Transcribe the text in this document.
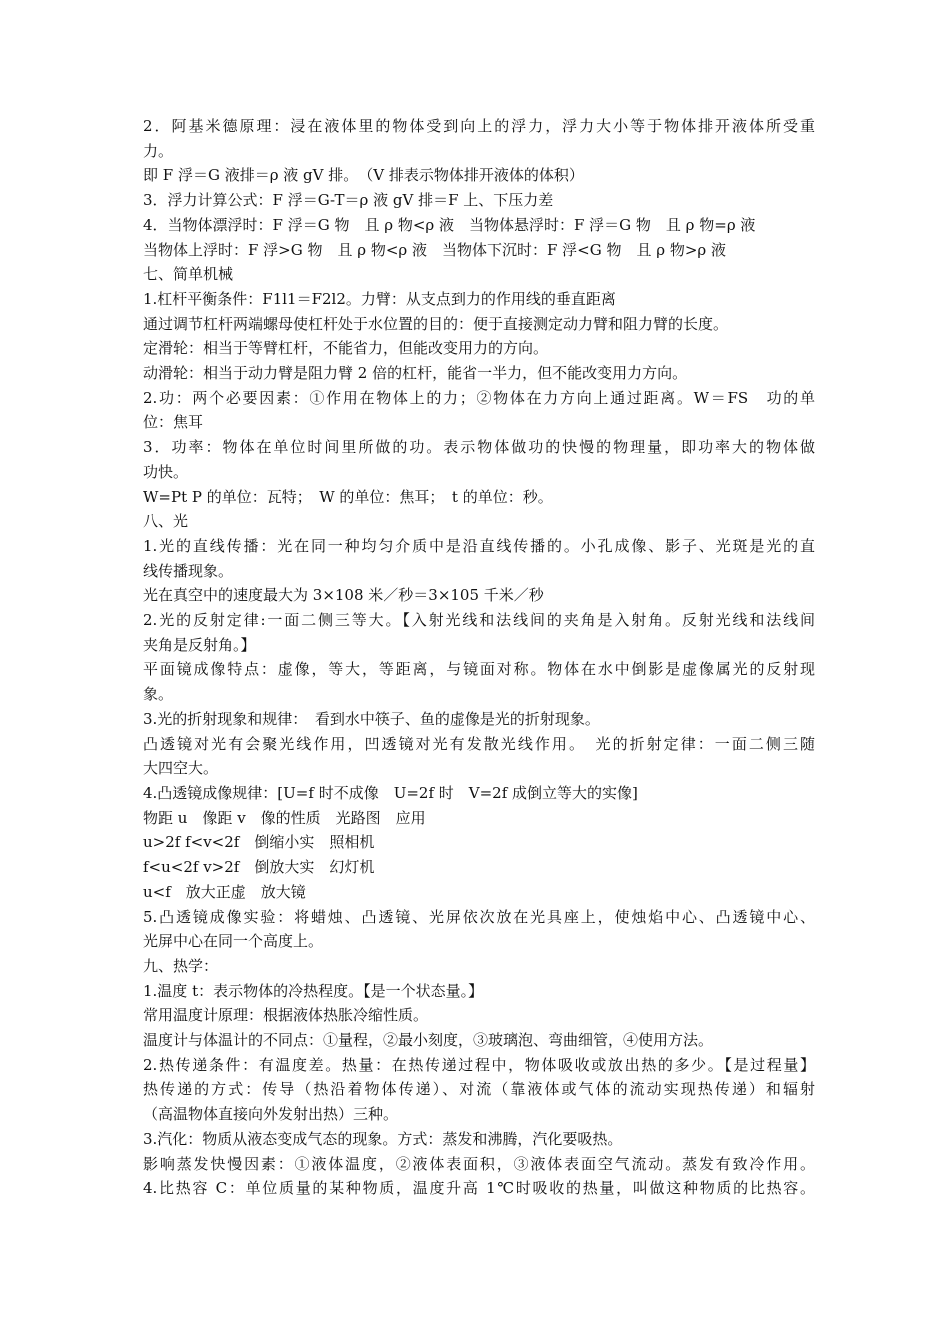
2．阿基米德原理：浸在液体里的物体受到向上的浮力，浮力大小等于物体排开液体所受重
力。
即 F 浮＝G 液排＝ρ 液 gV 排。　（V 排表示物体排开液体的体积）
3．浮力计算公式：F 浮＝G-T＝ρ 液 gV 排＝F 上、下压力差
4．当物体漂浮时：F 浮＝G 物　且 ρ 物<ρ 液　当物体悬浮时：F 浮＝G 物　且 ρ 物=ρ 液
当物体上浮时：F 浮>G 物　且 ρ 物<ρ 液　当物体下沉时：F 浮<G 物　且 ρ 物>ρ 液
七、简单机械
1.杠杆平衡条件：F1l1＝F2l2。力臂：从支点到力的作用线的垂直距离
通过调节杠杆两端螺母使杠杆处于水位置的目的：便于直接测定动力臂和阻力臂的长度。
定滑轮：相当于等臂杠杆，不能省力，但能改变用力的方向。
动滑轮：相当于动力臂是阻力臂 2 倍的杠杆，能省一半力，但不能改变用力方向。
2.功：两个必要因素：①作用在物体上的力；②物体在力方向上通过距离。W＝FS　功的单
位：焦耳
3．功率：物体在单位时间里所做的功。表示物体做功的快慢的物理量，即功率大的物体做
功快。
W=Pt P 的单位：瓦特；　W 的单位：焦耳；　t 的单位：秒。
八、光
1.光的直线传播：光在同一种均匀介质中是沿直线传播的。小孔成像、影子、光斑是光的直
线传播现象。
光在真空中的速度最大为 3×108 米／秒＝3×105 千米／秒
2.光的反射定律:一面二侧三等大。【入射光线和法线间的夹角是入射角。反射光线和法线间
夹角是反射角。】
平面镜成像特点：虚像，等大，等距离，与镜面对称。物体在水中倒影是虚像属光的反射现
象。
3.光的折射现象和规律：　看到水中筷子、鱼的虚像是光的折射现象。
凸透镜对光有会聚光线作用，凹透镜对光有发散光线作用。　光的折射定律：一面二侧三随
大四空大。
4.凸透镜成像规律：[U=f 时不成像　U=2f 时　V=2f 成倒立等大的实像]
物距 u　像距 v　像的性质　光路图　应用
u>2f f<v<2f　倒缩小实　照相机
f<u<2f v>2f　倒放大实　幻灯机
u<f　放大正虚　放大镜
5.凸透镜成像实验：将蜡烛、凸透镜、光屏依次放在光具座上，使烛焰中心、凸透镜中心、
光屏中心在同一个高度上。
九、热学：
1.温度 t：表示物体的冷热程度。【是一个状态量。】
常用温度计原理：根据液体热胀冷缩性质。
温度计与体温计的不同点：①量程，②最小刻度，③玻璃泡、弯曲细管，④使用方法。
2.热传递条件：有温度差。热量：在热传递过程中，物体吸收或放出热的多少。【是过程量】
热传递的方式：传导（热沿着物体传递）、对流（靠液体或气体的流动实现热传递）和辐射
（高温物体直接向外发射出热）三种。
3.汽化：物质从液态变成气态的现象。方式：蒸发和沸腾，汽化要吸热。
影响蒸发快慢因素：①液体温度，②液体表面积，③液体表面空气流动。蒸发有致冷作用。
4.比热容 C：单位质量的某种物质，温度升高 1℃时吸收的热量，叫做这种物质的比热容。
